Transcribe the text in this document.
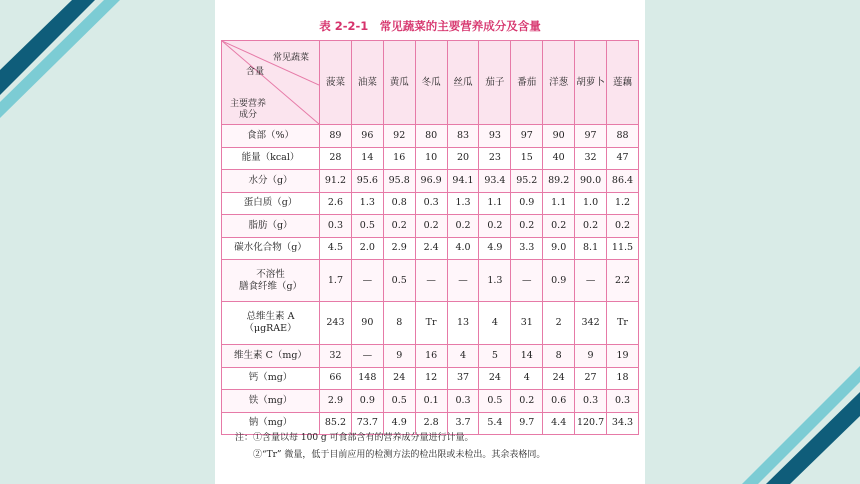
表 2-2-1　常见蔬菜的主要营养成分及含量
常见蔬菜
含量
主要营养
成分	菠菜	油菜	黄瓜	冬瓜	丝瓜	茄子	番茄	洋葱	胡萝卜	莲藕
食部（%）	89	96	92	80	83	93	97	90	97	88
能量（kcal）	28	14	16	10	20	23	15	40	32	47
水分（g）	91.2	95.6	95.8	96.9	94.1	93.4	95.2	89.2	90.0	86.4
蛋白质（g）	2.6	1.3	0.8	0.3	1.3	1.1	0.9	1.1	1.0	1.2
脂肪（g）	0.3	0.5	0.2	0.2	0.2	0.2	0.2	0.2	0.2	0.2
碳水化合物（g）	4.5	2.0	2.9	2.4	4.0	4.9	3.3	9.0	8.1	11.5
不溶性
膳食纤维（g）	1.7	—	0.5	—	—	1.3	—	0.9	—	2.2
总维生素 A
（μgRAE）	243	90	8	Tr	13	4	31	2	342	Tr
维生素 C（mg）	32	—	9	16	4	5	14	8	9	19
钙（mg）	66	148	24	12	37	24	4	24	27	18
铁（mg）	2.9	0.9	0.5	0.1	0.3	0.5	0.2	0.6	0.3	0.3
钠（mg）	85.2	73.7	4.9	2.8	3.7	5.4	9.7	4.4	120.7	34.3
注：①含量以每 100 g 可食部含有的营养成分量进行计量。
　　②“Tr” 微量，低于目前应用的检测方法的检出限或未检出。其余表格同。
